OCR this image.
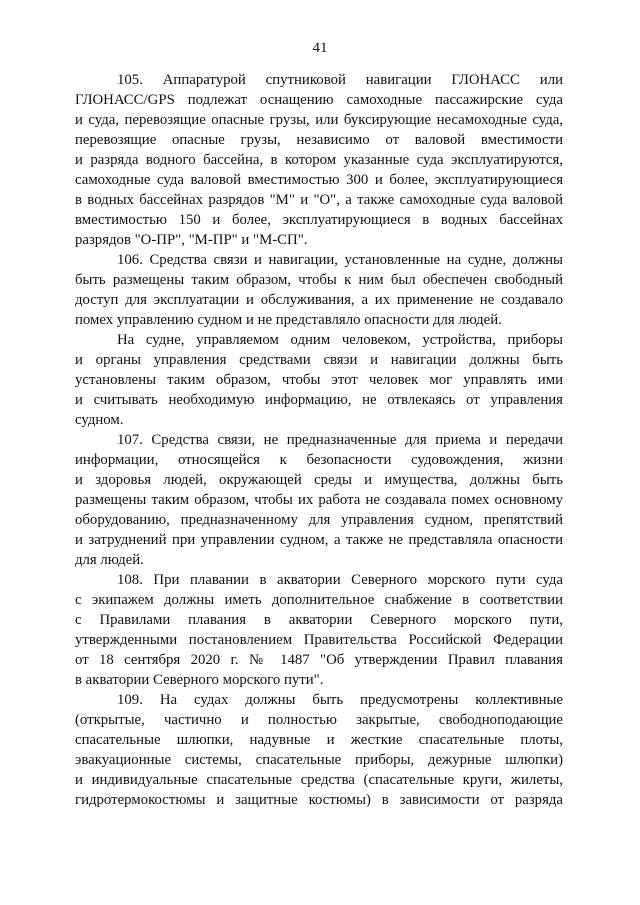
41
105. Аппаратурой спутниковой навигации ГЛОНАСС или
ГЛОНАСС/GPS подлежат оснащению самоходные пассажирские суда
и суда, перевозящие опасные грузы, или буксирующие несамоходные суда,
перевозящие опасные грузы, независимо от валовой вместимости
и разряда водного бассейна, в котором указанные суда эксплуатируются,
самоходные суда валовой вместимостью 300 и более, эксплуатирующиеся
в водных бассейнах разрядов "М" и "О", а также самоходные суда валовой
вместимостью 150 и более, эксплуатирующиеся в водных бассейнах
разрядов "О-ПР", "М-ПР" и "М-СП".
106. Средства связи и навигации, установленные на судне, должны
быть размещены таким образом, чтобы к ним был обеспечен свободный
доступ для эксплуатации и обслуживания, а их применение не создавало
помех управлению судном и не представляло опасности для людей.
На судне, управляемом одним человеком, устройства, приборы
и органы управления средствами связи и навигации должны быть
установлены таким образом, чтобы этот человек мог управлять ими
и считывать необходимую информацию, не отвлекаясь от управления
судном.
107. Средства связи, не предназначенные для приема и передачи
информации, относящейся к безопасности судовождения, жизни
и здоровья людей, окружающей среды и имущества, должны быть
размещены таким образом, чтобы их работа не создавала помех основному
оборудованию, предназначенному для управления судном, препятствий
и затруднений при управлении судном, а также не представляла опасности
для людей.
108. При плавании в акватории Северного морского пути суда
с экипажем должны иметь дополнительное снабжение в соответствии
с Правилами плавания в акватории Северного морского пути,
утвержденными постановлением Правительства Российской Федерации
от 18 сентября 2020 г. № 1487 "Об утверждении Правил плавания
в акватории Северного морского пути".
109. На судах должны быть предусмотрены коллективные
(открытые, частично и полностью закрытые, свободноподающие
спасательные шлюпки, надувные и жесткие спасательные плоты,
эвакуационные системы, спасательные приборы, дежурные шлюпки)
и индивидуальные спасательные средства (спасательные круги, жилеты,
гидротермокостюмы и защитные костюмы) в зависимости от разряда
